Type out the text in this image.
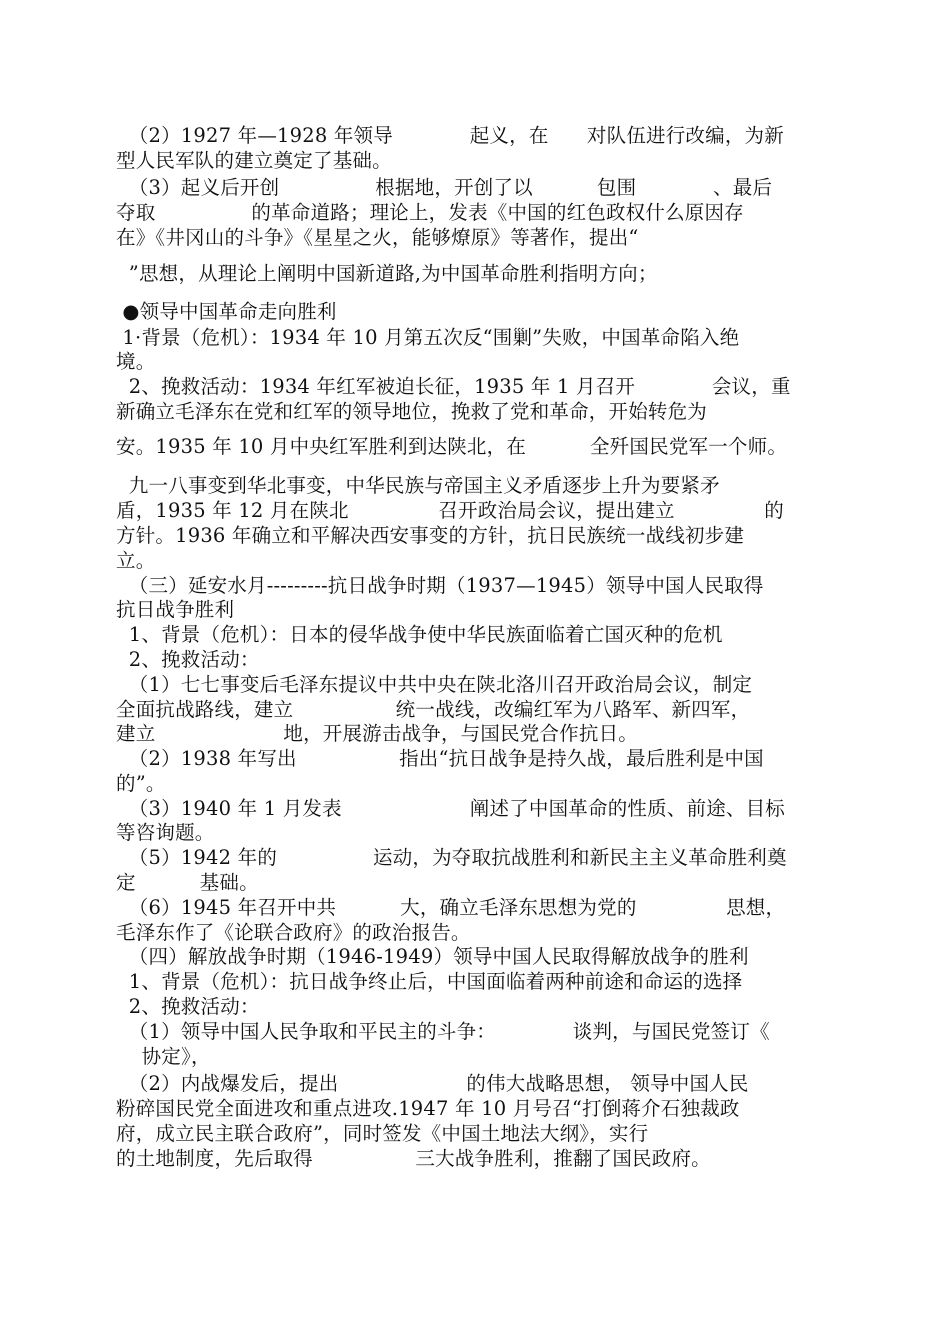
（2）1927 年—1928 年领导            起义，在      对队伍进行改编，为新
型人民军队的建立奠定了基础。
（3）起义后开创               根据地，开创了以          包围            、最后
夺取               的革命道路；理论上，发表《中国的红色政权什么原因存
在》《井冈山的斗争》《星星之火，能够燎原》等著作，提出“
”思想，从理论上阐明中国新道路,为中国革命胜利指明方向；
●领导中国革命走向胜利
1·背景（危机）：1934 年 10 月第五次反“围剿”失败，中国革命陷入绝
境。
2、挽救活动：1934 年红军被迫长征，1935 年 1 月召开            会议，重
新确立毛泽东在党和红军的领导地位，挽救了党和革命，开始转危为
安。1935 年 10 月中央红军胜利到达陕北，在          全歼国民党军一个师。
九一八事变到华北事变，中华民族与帝国主义矛盾逐步上升为要紧矛
盾，1935 年 12 月在陕北              召开政治局会议，提出建立              的
方针。1936 年确立和平解决西安事变的方针，抗日民族统一战线初步建
立。
（三）延安水月---------抗日战争时期（1937—1945）领导中国人民取得
抗日战争胜利
1、背景（危机）：日本的侵华战争使中华民族面临着亡国灭种的危机
2、挽救活动：
（1）七七事变后毛泽东提议中共中央在陕北洛川召开政治局会议，制定
全面抗战路线，建立                统一战线，改编红军为八路军、新四军，
建立                    地，开展游击战争，与国民党合作抗日。
（2）1938 年写出                指出“抗日战争是持久战，最后胜利是中国
的”。
（3）1940 年 1 月发表                    阐述了中国革命的性质、前途、目标
等咨询题。
（5）1942 年的               运动，为夺取抗战胜利和新民主主义革命胜利奠
定          基础。
（6）1945 年召开中共          大，确立毛泽东思想为党的              思想，
毛泽东作了《论联合政府》的政治报告。
（四）解放战争时期（1946-1949）领导中国人民取得解放战争的胜利
1、背景（危机）：抗日战争终止后，中国面临着两种前途和命运的选择
2、挽救活动：
（1）领导中国人民争取和平民主的斗争：            谈判，与国民党签订《
协定》，
（2）内战爆发后，提出                    的伟大战略思想， 领导中国人民
粉碎国民党全面进攻和重点进攻.1947 年 10 月号召“打倒蒋介石独裁政
府，成立民主联合政府”，同时签发《中国土地法大纲》，实行
的土地制度，先后取得                三大战争胜利，推翻了国民政府。
